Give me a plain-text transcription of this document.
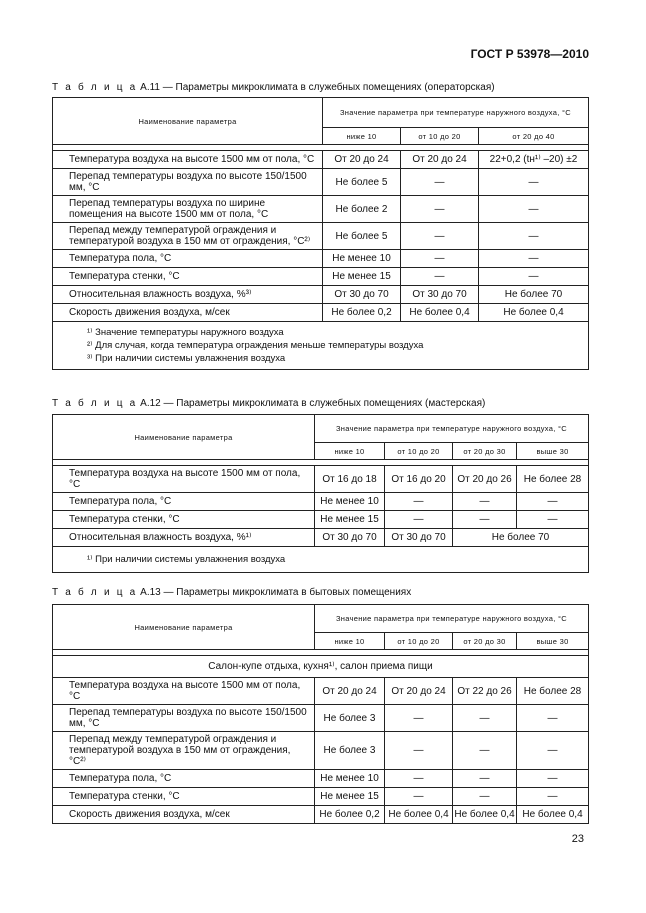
ГОСТ Р 53978—2010
Т а б л и ц а А.11 — Параметры микроклимата в служебных помещениях (операторская)
Наименование параметра	Значение параметра при температуре наружного воздуха, °С		
	ниже 10	от 10 до 20	от 20 до 40

Температура воздуха на высоте 1500 мм от пола, °С	От 20 до 24	От 20 до 24	22+0,2 (tн¹⁾ –20) ±2
Перепад температуры воздуха по высоте 150/1500 мм, °С	Не более 5	—	—
Перепад температуры воздуха по ширине помещения на высоте 1500 мм от пола, °С	Не более 2	—	—
Перепад между температурой ограждения и температурой воздуха в 150 мм от ограждения, °С²⁾	Не более 5	—	—
Температура пола, °С	Не менее 10	—	—
Температура стенки, °С	Не менее 15	—	—
Относительная влажность воздуха, %³⁾	От 30 до 70	От 30 до 70	Не более 70
Скорость движения воздуха, м/сек	Не более 0,2	Не более 0,4	Не более 0,4

¹⁾ Значение температуры наружного воздуха
²⁾ Для случая, когда температура ограждения меньше температуры воздуха
³⁾ При наличии системы увлажнения воздуха			
Т а б л и ц а А.12 — Параметры микроклимата в служебных помещениях (мастерская)
Наименование параметра	Значение параметра при температуре наружного воздуха, °С			
	ниже 10	от 10 до 20	от 20 до 30	выше 30

Температура воздуха на высоте 1500 мм от пола, °С	От 16 до 18	От 16 до 20	От 20 до 26	Не более 28
Температура пола, °С	Не менее 10	—	—	—
Температура стенки, °С	Не менее 15	—	—	—
Относительная влажность воздуха, %¹⁾	От 30 до 70	От 30 до 70	Не более 70	

¹⁾ При наличии системы увлажнения воздуха				
Т а б л и ц а А.13 — Параметры микроклимата в бытовых помещениях
Наименование параметра	Значение параметра при температуре наружного воздуха, °С			
	ниже 10	от 10 до 20	от 20 до 30	выше 30

Салон-купе отдыха, кухня¹⁾, салон приема пищи				
Температура воздуха на высоте 1500 мм от пола, °С	От 20 до 24	От 20 до 24	От 22 до 26	Не более 28
Перепад температуры воздуха по высоте 150/1500 мм, °С	Не более 3	—	—	—
Перепад между температурой ограждения и температурой воздуха в 150 мм от ограждения, °С²⁾	Не более 3	—	—	—
Температура пола, °С	Не менее 10	—	—	—
Температура стенки, °С	Не менее 15	—	—	—
Скорость движения воздуха, м/сек	Не более 0,2	Не более 0,4	Не более 0,4	Не более 0,4
23
